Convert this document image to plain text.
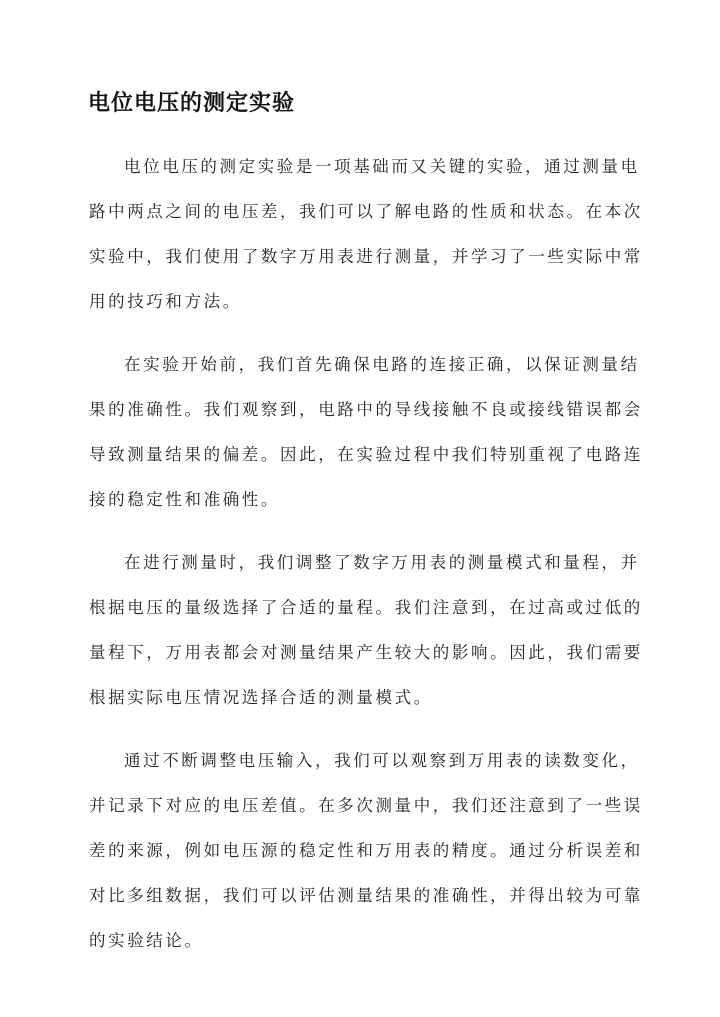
电位电压的测定实验

电位电压的测定实验是一项基础而又关键的实验，通过测量电
路中两点之间的电压差，我们可以了解电路的性质和状态。在本次
实验中，我们使用了数字万用表进行测量，并学习了一些实际中常
用的技巧和方法。

在实验开始前，我们首先确保电路的连接正确，以保证测量结
果的准确性。我们观察到，电路中的导线接触不良或接线错误都会
导致测量结果的偏差。因此，在实验过程中我们特别重视了电路连
接的稳定性和准确性。

在进行测量时，我们调整了数字万用表的测量模式和量程，并
根据电压的量级选择了合适的量程。我们注意到，在过高或过低的
量程下，万用表都会对测量结果产生较大的影响。因此，我们需要
根据实际电压情况选择合适的测量模式。

通过不断调整电压输入，我们可以观察到万用表的读数变化，
并记录下对应的电压差值。在多次测量中，我们还注意到了一些误
差的来源，例如电压源的稳定性和万用表的精度。通过分析误差和
对比多组数据，我们可以评估测量结果的准确性，并得出较为可靠
的实验结论。
